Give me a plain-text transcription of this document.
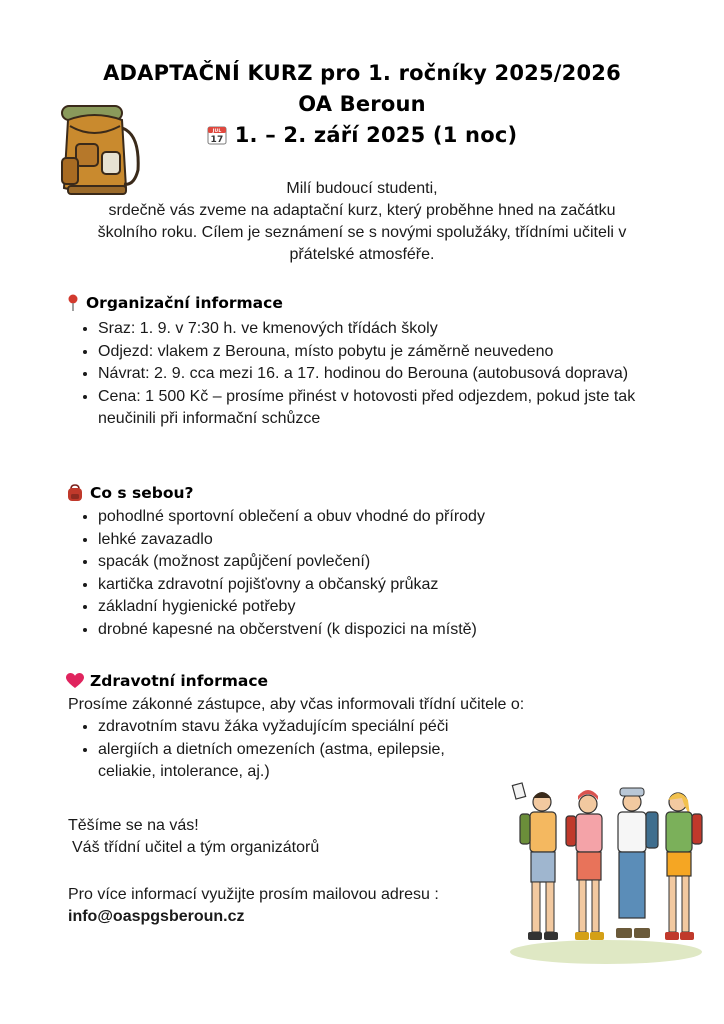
ADAPTAČNÍ KURZ pro 1. ročníky 2025/2026
OA Beroun
JUL
17 1. – 2. září 2025 (1 noc)
Milí budoucí studenti,
srdečně vás zveme na adaptační kurz, který proběhne hned na začátku
školního roku. Cílem je seznámení se s novými spolužáky, třídními učiteli v
přátelské atmosféře.
Organizační informace
• Sraz: 1. 9. v 7:30 h. ve kmenových třídách školy
• Odjezd: vlakem z Berouna, místo pobytu je záměrně neuvedeno
• Návrat: 2. 9. cca mezi 16. a 17. hodinou do Berouna (autobusová doprava)
• Cena: 1 500 Kč – prosíme přinést v hotovosti před odjezdem, pokud jste tak neučinili při informační schůzce
Co s sebou?
• pohodlné sportovní oblečení a obuv vhodné do přírody
• lehké zavazadlo
• spacák (možnost zapůjčení povlečení)
• kartička zdravotní pojišťovny a občanský průkaz
• základní hygienické potřeby
• drobné kapesné na občerstvení (k dispozici na místě)
Zdravotní informace
Prosíme zákonné zástupce, aby včas informovali třídní učitele o:
• zdravotním stavu žáka vyžadujícím speciální péči
• alergiích a dietních omezeních (astma, epilepsie,
celiakie, intolerance, aj.)
Těšíme se na vás!
Váš třídní učitel a tým organizátorů
Pro více informací využijte prosím mailovou adresu :
info@oaspgsberoun.cz
